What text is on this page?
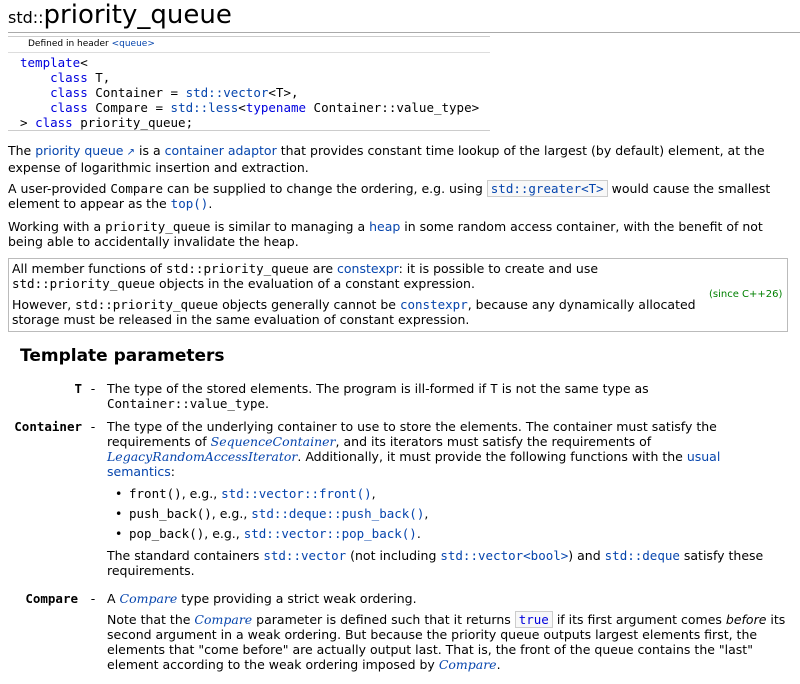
std::priority_queue
Defined in header <queue>
template<
class T,
class Container = std::vector<T>,
class Compare = std::less<typename Container::value_type>
> class priority_queue;
The priority queue ↗ is a container adaptor that provides constant time lookup of the largest (by default) element, at the expense of logarithmic insertion and extraction.
A user-provided Compare can be supplied to change the ordering, e.g. using std::greater<T> would cause the smallest element to appear as the top().
Working with a priority_queue is similar to managing a heap in some random access container, with the benefit of not being able to accidentally invalidate the heap.
All member functions of std::priority_queue are constexpr: it is possible to create and use
std::priority_queue objects in the evaluation of a constant expression.
However, std::priority_queue objects generally cannot be constexpr, because any dynamically allocated storage must be released in the same evaluation of constant expression.
(since C++26)
Template parameters
T - The type of the stored elements. The program is ill-formed if T is not the same type as
Container::value_type.
Container - The type of the underlying container to use to store the elements. The container must satisfy the requirements of SequenceContainer, and its iterators must satisfy the requirements of LegacyRandomAccessIterator. Additionally, it must provide the following functions with the usual semantics:
• front(), e.g., std::vector::front(),
• push_back(), e.g., std::deque::push_back(),
• pop_back(), e.g., std::vector::pop_back().
The standard containers std::vector (not including std::vector<bool>) and std::deque satisfy these requirements.
Compare - A Compare type providing a strict weak ordering.
Note that the Compare parameter is defined such that it returns true if its first argument comes before its second argument in a weak ordering. But because the priority queue outputs largest elements first, the elements that "come before" are actually output last. That is, the front of the queue contains the "last" element according to the weak ordering imposed by Compare.
